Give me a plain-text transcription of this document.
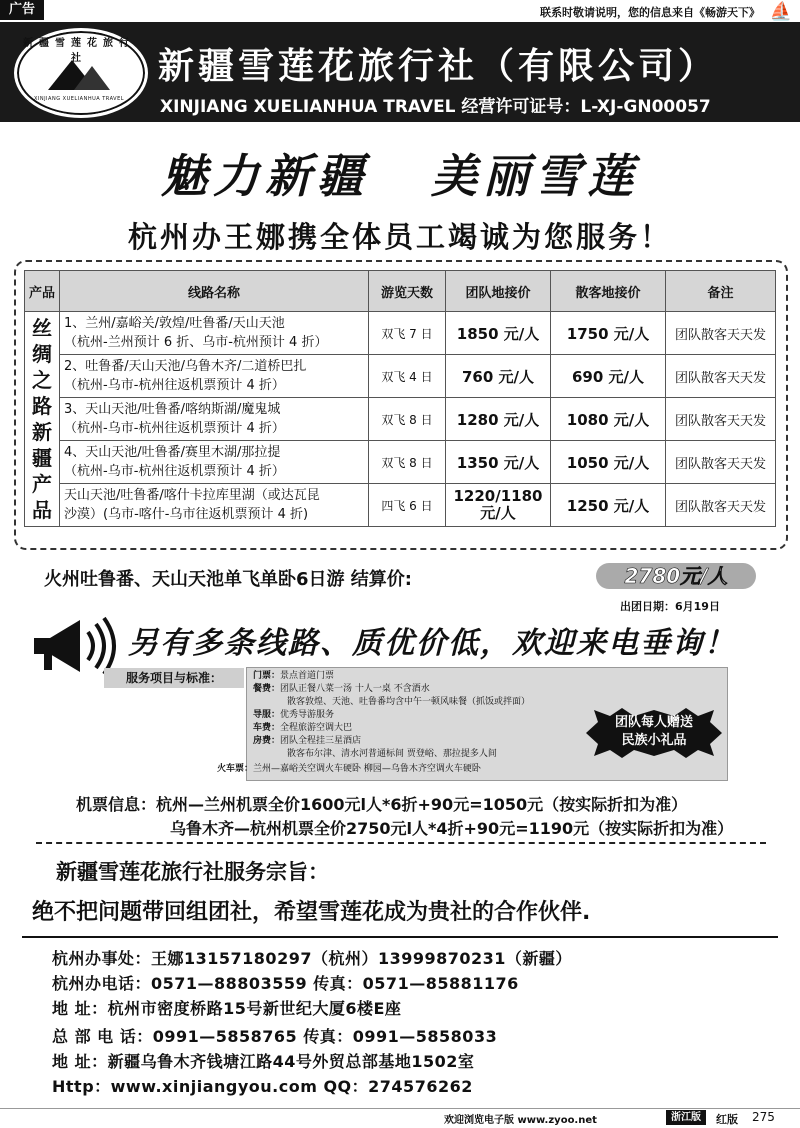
广告	联系时敬请说明，您的信息来自《畅游天下》 ⛵
新疆雪莲花旅行社
XINJIANG XUELIANHUA TRAVEL
新疆雪莲花旅行社（有限公司）
XINJIANG XUELIANHUA TRAVEL 经营许可证号：L-XJ-GN00057
魅力新疆 美丽雪莲
杭州办王娜携全体员工竭诚为您服务！
产品	线路名称	游览天数	团队地接价	散客地接价	备注
丝绸之路新疆产品	1、兰州/嘉峪关/敦煌/吐鲁番/天山天池
（杭州-兰州预计 6 折、乌市-杭州预计 4 折）	双飞 7 日	1850 元/人	1750 元/人	团队散客天天发

	2、吐鲁番/天山天池/乌鲁木齐/二道桥巴扎
（杭州-乌市-杭州往返机票预计 4 折）	双飞 4 日	760 元/人	690 元/人	团队散客天天发

	3、天山天池/吐鲁番/喀纳斯湖/魔鬼城
（杭州-乌市-杭州往返机票预计 4 折）	双飞 8 日	1280 元/人	1080 元/人	团队散客天天发

	4、天山天池/吐鲁番/赛里木湖/那拉提
（杭州-乌市-杭州往返机票预计 4 折）	双飞 8 日	1350 元/人	1050 元/人	团队散客天天发

	天山天池/吐鲁番/喀什卡拉库里湖（或达瓦昆
沙漠）(乌市-喀什-乌市往返机票预计 4 折)	四飞 6 日	1220/1180 元/人	1250 元/人	团队散客天天发
火州吐鲁番、天山天池单飞单卧6日游 结算价:	2780元/人
出团日期：6月19日
另有多条线路、质优价低，欢迎来电垂询！
服务项目与标准：	门票：景点首道门票
餐费：团队正餐八菜一汤 十人一桌 不含酒水
散客敦煌、天池、吐鲁番均含中午一顿风味餐（抓饭或拌面）
导服：优秀导游服务
车费：全程旅游空调大巴
房费：团队全程挂三星酒店
散客布尔津、清水河普通标间 贾登峪、那拉提多人间
火车票：兰州—嘉峪关空调火车硬卧 柳园—乌鲁木齐空调火车硬卧
团队每人赠送
民族小礼品
机票信息：杭州—兰州机票全价1600元l人*6折+90元=1050元（按实际折扣为准）
乌鲁木齐—杭州机票全价2750元l人*4折+90元=1190元（按实际折扣为准）
新疆雪莲花旅行社服务宗旨：
绝不把问题带回组团社，希望雪莲花成为贵社的合作伙伴.
杭州办事处：王娜13157180297（杭州）13999870231（新疆）
杭州办电话：0571—88803559 传真：0571—85881176
地 址：杭州市密度桥路15号新世纪大厦6楼E座
总 部 电 话：0991—5858765 传真：0991—5858033
地 址：新疆乌鲁木齐钱塘江路44号外贸总部基地1502室
Http：www.xinjiangyou.com QQ：274576262
欢迎浏览电子版 www.zyoo.net	浙江版	红版 275
